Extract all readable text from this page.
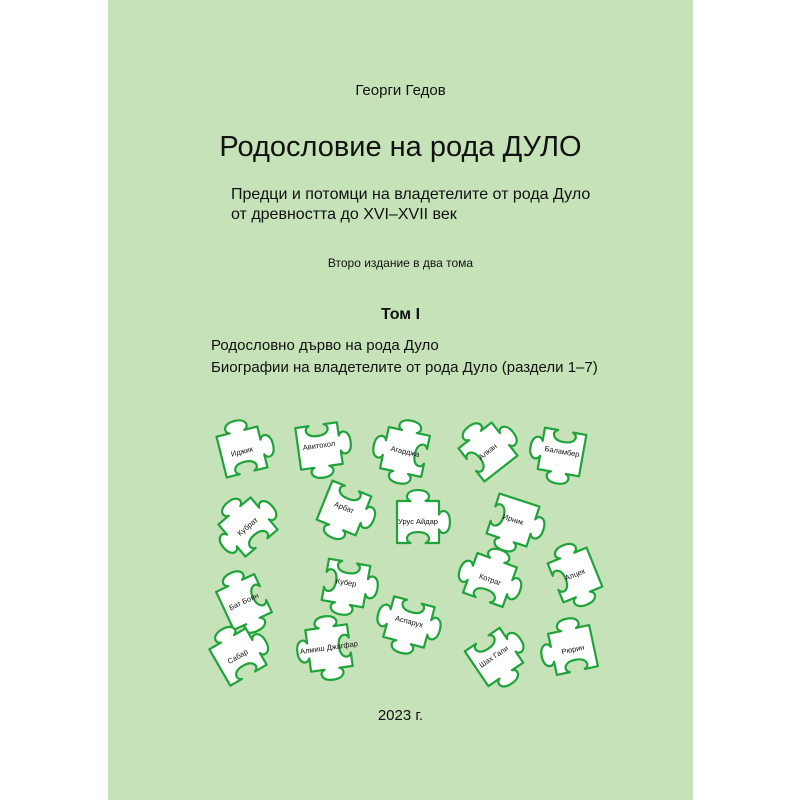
Георги Гедов

Родословие на рода ДУЛО

Предци и потомци на владетелите от рода Дуло

от древността до XVI–XVII век

Второ издание в два тома

Том I

Родословно дърво на рода Дуло

Биографии на владетелите от рода Дуло (раздели 1–7)

Иджик	Авитохол	Агарджа	Алкан	Баламбер
Кубрат
Арбат
Урус Айдар	Ирник
Бат Боян
Кубер	Котраг	Алцек
Аспарух
Сабар	Алмиш Джагфар	Шах Гали	Рюрин

2023 г.
